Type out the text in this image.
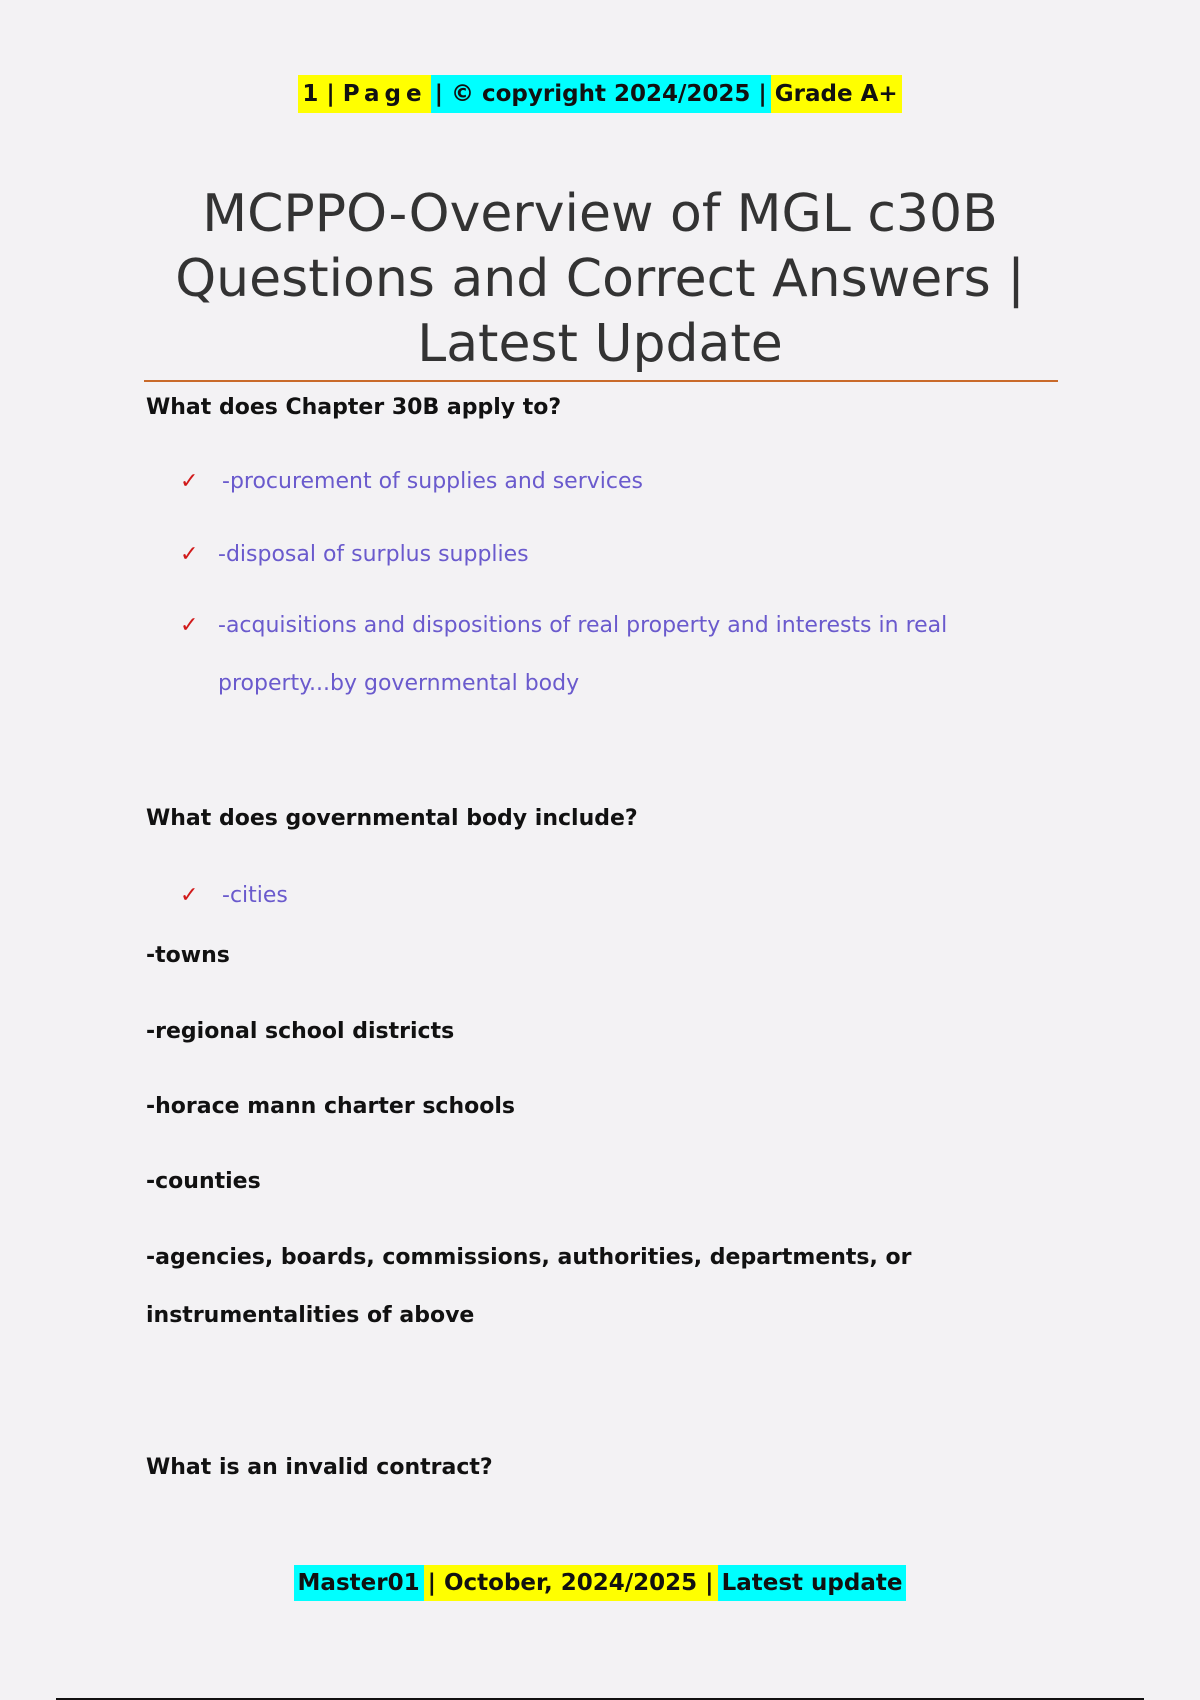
1 | Page| © copyright 2024/2025 |Grade A+
MCPPO-Overview of MGL c30B Questions and Correct Answers | Latest Update
What does Chapter 30B apply to?
✓	-procurement of supplies and services
✓ -disposal of surplus supplies
✓ -acquisitions and dispositions of real property and interests in real property...by governmental body
What does governmental body include?
✓	-cities
-towns
-regional school districts
-horace mann charter schools
-counties
-agencies, boards, commissions, authorities, departments, or instrumentalities of above
What is an invalid contract?
Master01| October, 2024/2025 |Latest update
